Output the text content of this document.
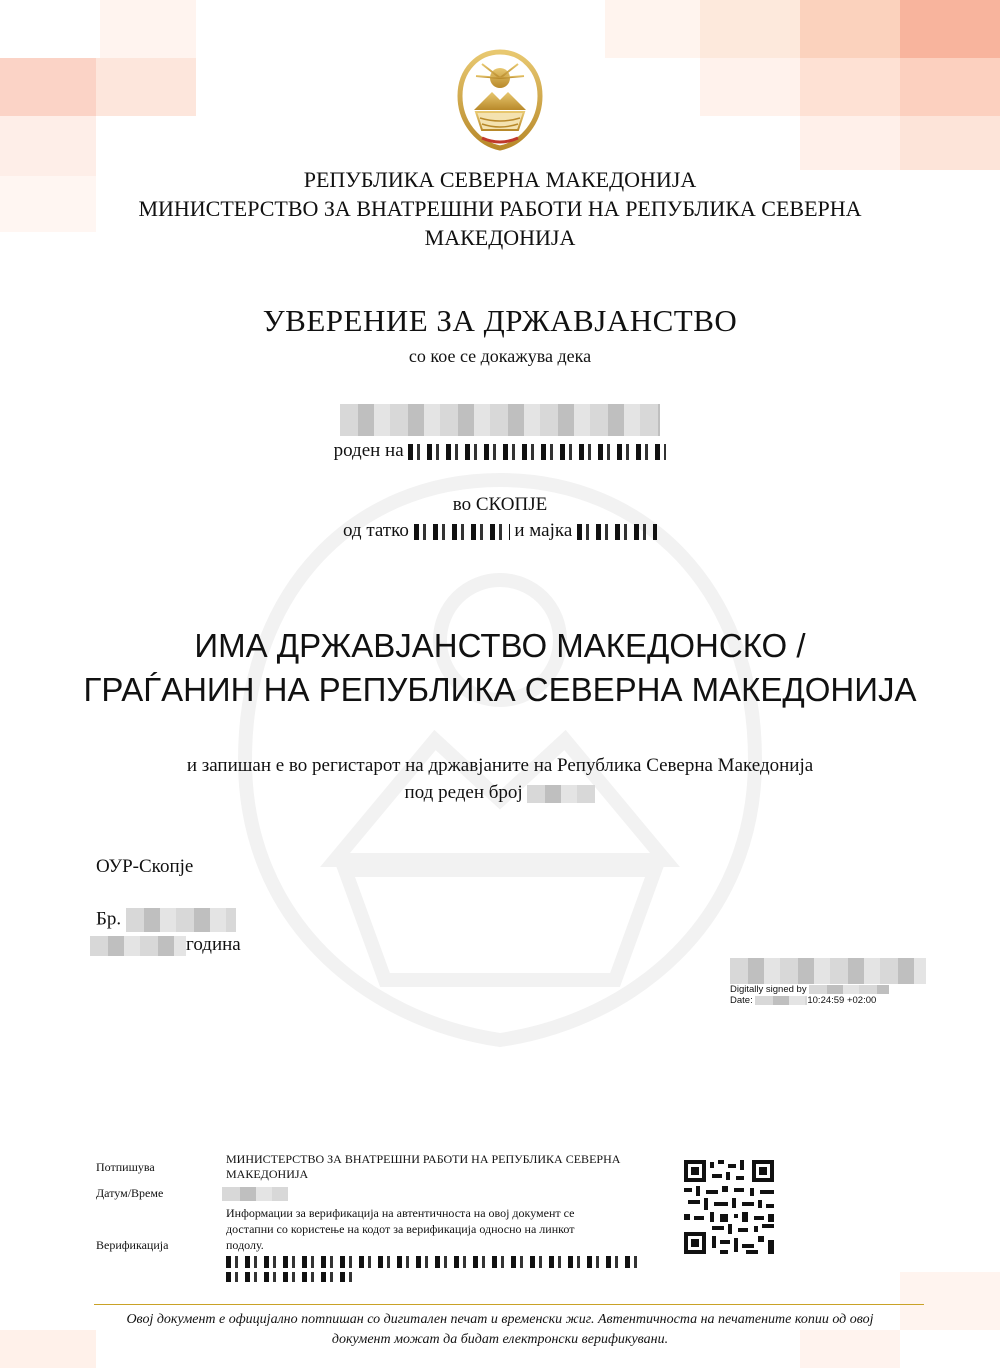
РЕПУБЛИКА СЕВЕРНА МАКЕДОНИЈА
МИНИСТЕРСТВО ЗА ВНАТРЕШНИ РАБОТИ НА РЕПУБЛИКА СЕВЕРНА
МАКЕДОНИЈА
УВЕРЕНИЕ ЗА ДРЖАВЈАНСТВО
со кое се докажува дека
роден на
во СКОПЈЕ
од татко	и мајка
ИМА ДРЖАВЈАНСТВО МАКЕДОНСКО /
ГРАЃАНИН НА РЕПУБЛИКА СЕВЕРНА МАКЕДОНИЈА
и запишан е во регистарот на државјаните на Република Северна Македонија
под реден број
ОУР-Скопје
Бр.
година
Digitally signed by
Date:	10:24:59 +02:00
Потпишува
МИНИСТЕРСТВО ЗА ВНАТРЕШНИ РАБОТИ НА РЕПУБЛИКА СЕВЕРНА
МАКЕДОНИЈА
Датум/Време
Информации за верификација на автентичноста на овој документ се
достапни со користење на кодот за верификација односно на линкот
подолу.
Верификација
Овој документ е официјално потпишан со дигитален печат и временски жиг. Автентичноста на печатените копии од овој
документ можат да бидат електронски верификувани.
